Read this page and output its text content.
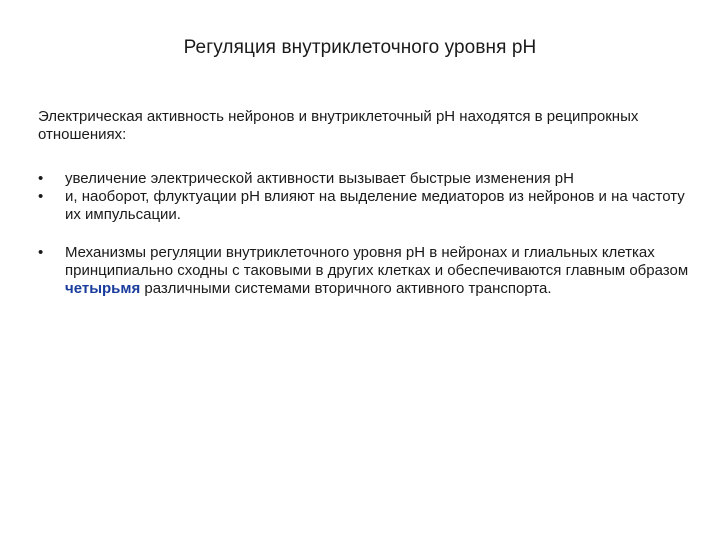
Регуляция внутриклеточного уровня рН
Электрическая активность нейронов и внутриклеточный рН находятся в реципрокных отношениях:
• увеличение электрической активности вызывает быстрые изменения рН
• и, наоборот, флуктуации рН влияют на выделение медиаторов из нейронов и на частоту их импульсации.
• Механизмы регуляции внутриклеточного уровня рН в нейронах и глиальных клетках принципиально сходны с таковыми в других клетках и обеспечиваются главным образом четырьмя различными системами вторичного активного транспорта.
